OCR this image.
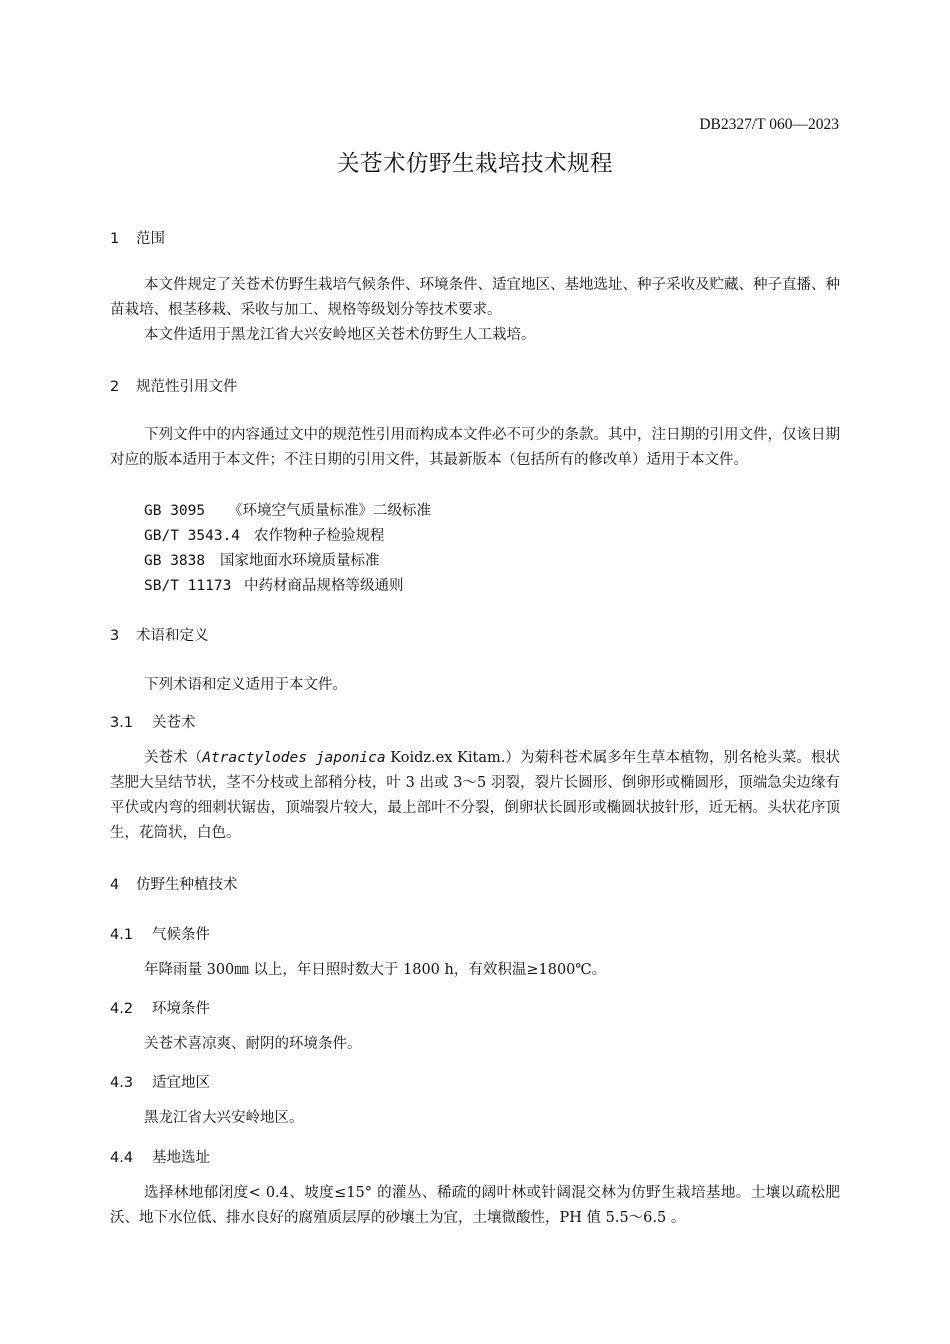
DB2327/T 060—2023
关苍术仿野生栽培技术规程
1 范围
本文件规定了关苍术仿野生栽培气候条件、环境条件、适宜地区、基地选址、种子采收及贮藏、种子直播、种苗栽培、根茎移栽、采收与加工、规格等级划分等技术要求。
本文件适用于黑龙江省大兴安岭地区关苍术仿野生人工栽培。
2 规范性引用文件
下列文件中的内容通过文中的规范性引用而构成本文件必不可少的条款。其中，注日期的引用文件，仅该日期对应的版本适用于本文件；不注日期的引用文件，其最新版本（包括所有的修改单）适用于本文件。
GB 3095 《环境空气质量标准》二级标准
GB/T 3543.4 农作物种子检验规程
GB 3838 国家地面水环境质量标准
SB/T 11173 中药材商品规格等级通则
3 术语和定义
下列术语和定义适用于本文件。
3.1 关苍术
关苍术（Atractylodes japonica Koidz.ex Kitam.）为菊科苍术属多年生草本植物，别名枪头菜。根状茎肥大呈结节状，茎不分枝或上部稍分枝，叶 3 出或 3～5 羽裂，裂片长圆形、倒卵形或椭圆形，顶端急尖边缘有平伏或内弯的细刺状锯齿，顶端裂片较大，最上部叶不分裂，倒卵状长圆形或椭圆状披针形，近无柄。头状花序顶生，花筒状，白色。
4 仿野生种植技术
4.1 气候条件
年降雨量 300㎜ 以上，年日照时数大于 1800 h，有效积温≥1800℃。
4.2 环境条件
关苍术喜凉爽、耐阴的环境条件。
4.3 适宜地区
黑龙江省大兴安岭地区。
4.4 基地选址
选择林地郁闭度< 0.4、坡度≤15° 的灌丛、稀疏的阔叶林或针阔混交林为仿野生栽培基地。土壤以疏松肥沃、地下水位低、排水良好的腐殖质层厚的砂壤土为宜，土壤微酸性，PH 值 5.5～6.5 。
